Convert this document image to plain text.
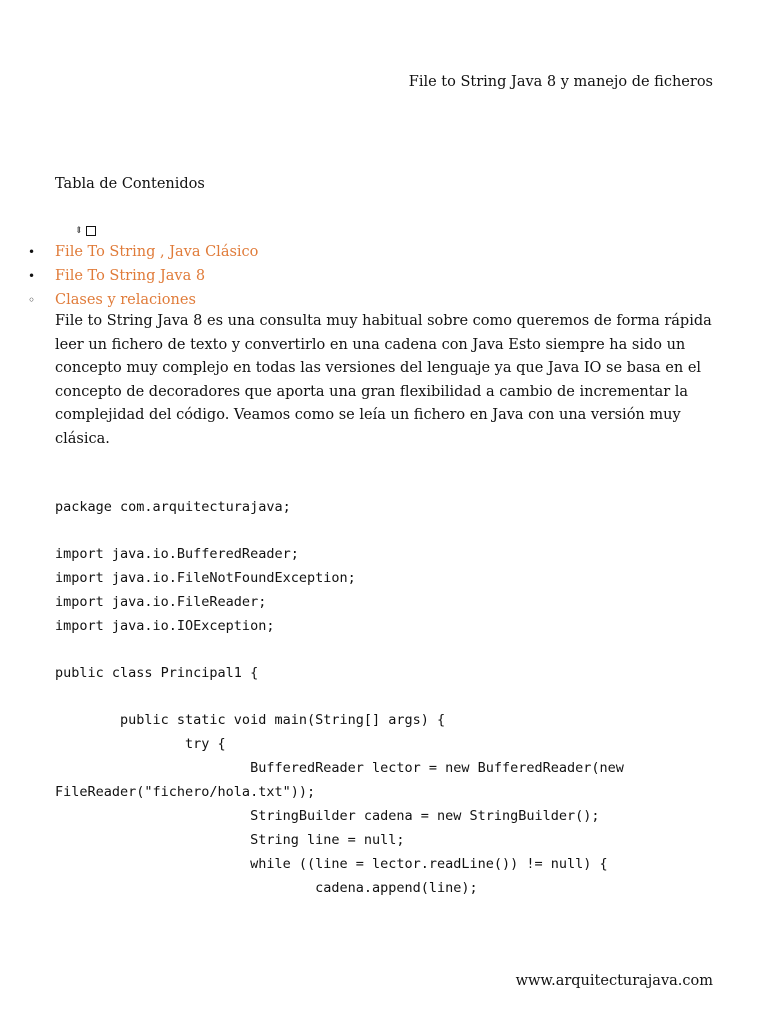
File to String Java 8 y manejo de ficheros
Tabla de Contenidos
⇕
• File To String , Java Clásico
• File To String Java 8
◦ Clases y relaciones

File to String Java 8 es una consulta muy habitual sobre como queremos de forma rápida leer un fichero de texto y convertirlo en una cadena con Java Esto siempre ha sido un concepto muy complejo en todas las versiones del lenguaje ya que Java IO se basa en el concepto de decoradores que aporta una gran flexibilidad a cambio de incrementar la complejidad del código. Veamos como se leía un fichero en Java con una versión muy clásica.

package com.arquitecturajava;
import java.io.BufferedReader;
import java.io.FileNotFoundException;
import java.io.FileReader;
import java.io.IOException;
public class Principal1 {
public static void main(String[] args) {
try {
BufferedReader lector = new BufferedReader(new
FileReader("fichero/hola.txt"));
StringBuilder cadena = new StringBuilder();
String line = null;
while ((line = lector.readLine()) != null) {
cadena.append(line);
www.arquitecturajava.com
